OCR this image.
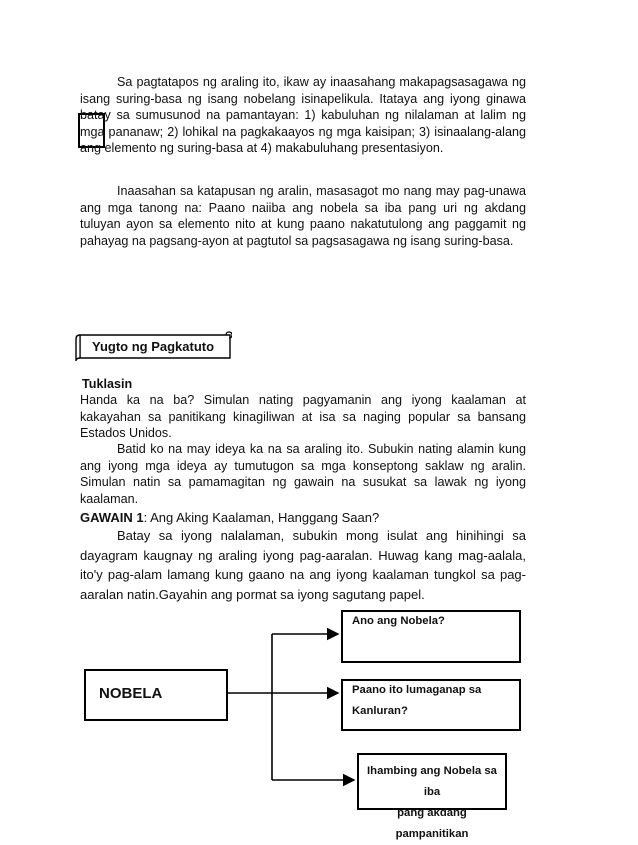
Sa pagtatapos ng araling ito, ikaw ay inaasahang makapagsasagawa ng isang suring-basa ng isang nobelang isinapelikula. Itataya ang iyong ginawa batay sa sumusunod na pamantayan: 1) kabuluhan ng nilalaman at lalim ng mga pananaw; 2) lohikal na pagkakaayos ng mga kaisipan; 3) isinaalang-alang ang elemento ng suring-basa at 4) makabuluhang presentasiyon.

Inaasahan sa katapusan ng aralin, masasagot mo nang may pag-unawa ang mga tanong na: Paano naiiba ang nobela sa iba pang uri ng akdang tuluyan ayon sa elemento nito at kung paano nakatutulong ang paggamit ng pahayag na pagsang-ayon at pagtutol sa pagsasagawa ng isang suring-basa.

Yugto ng Pagkatuto
Tuklasin

Handa ka na ba? Simulan nating pagyamanin ang iyong kaalaman at kakayahan sa panitikang kinagiliwan at isa sa naging popular sa bansang Estados Unidos.

Batid ko na may ideya ka na sa araling ito. Subukin nating alamin kung ang iyong mga ideya ay tumutugon sa mga konseptong saklaw ng aralin. Simulan natin sa pamamagitan ng gawain na susukat sa lawak ng iyong kaalaman.

GAWAIN 1: Ang Aking Kaalaman, Hanggang Saan?

Batay sa iyong nalalaman, subukin mong isulat ang hinihingi sa dayagram kaugnay ng araling iyong pag-aaralan. Huwag kang mag-aalala, ito'y pag-alam lamang kung gaano na ang iyong kaalaman tungkol sa pag-aaralan natin.Gayahin ang pormat sa iyong sagutang papel.

NOBELA
Ano ang Nobela?
Paano ito lumaganap sa
Kanluran?
Ihambing ang Nobela sa iba
pang akdang pampanitikan
